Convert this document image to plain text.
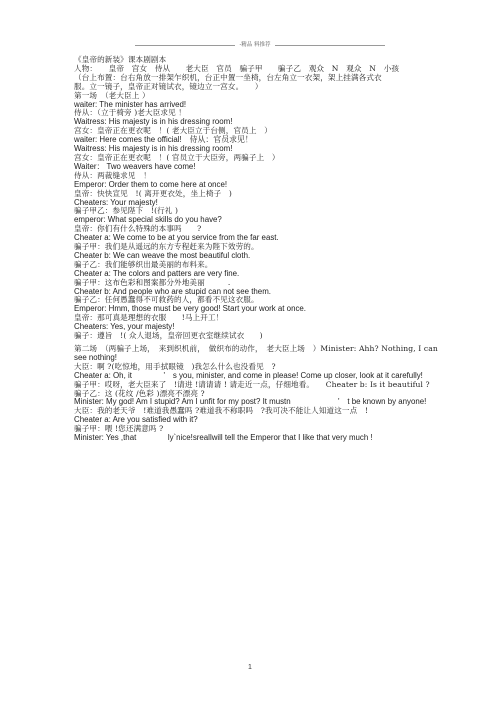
-精品 料推荐
《皇帝的新装》课本剧剧本
人物：　　皇帝　宫女　侍从　　老大臣　官员　骗子甲　　骗子乙　观众　N　观众　N　小孩
（台上布置：台右角放一排架乍织机，台正中置一坐椅，台左角立一衣架，架上挂满各式衣
服。立一镜子，皇帝正对镜试衣，镜边立一宫女。　　）
第一场　（老大臣上 ）
waiter: The minister has arrived!
侍从：（立于椅旁 )老大臣求见 ！
Waitress: His majesty is in his dressing room!
宫女：皇帝正在更衣呢　！( 老大臣立于台侧，官员上　）
waiter: Here comes the official!　侍从：官员求见！
Waitress: His majesty is in his dressing room!
宫女：皇帝正在更衣呢　！( 官员立于大臣旁，两骗子上　）
Waiter： Two weavers have come!
侍从：两裁缝求见　！
Emperor: Order them to come here at once!
皇帝：快快宣见　!( 离开更衣处，坐上椅子　)
Cheaters: Your majesty!
骗子甲乙：参见陛下　!(行礼 )
emperor: What special skills do you have?
皇帝：你们有什么特殊的本事吗　　?
Cheater a: We come to be at you service from the far east.
骗子甲：我们是从遥远的东方专程赶来为陛下效劳的。
Cheater b: We can weave the most beautiful cloth.
骗子乙：我们能够织出最美丽的布料来。
Cheater a: The colors and patters are very fine.
骗子甲：这布色彩和图案都分外地美丽　　　.
Cheater b: And people who are stupid can not see them.
骗子乙：任何愚蠢得不可救药的人，都看不见这衣服。
Emperor: Hmm, those must be very good! Start your work at once.
皇帝：那可真是理想的衣服　　!马上开工！
Cheaters: Yes, your majesty!
骗子：遵旨　!( 众人退场，皇帝回更衣室继续试衣　　)
第二场　（两骗子上场，　来到织机前，　做织布的动作，　老大臣上场　）Minister: Ahh? Nothing, I can
see nothing!
大臣：啊 ?(吃惊地，用手拭眼镜　)我怎么什么也没看见　?
Cheater a: Oh, it　　　　'　s you, minister, and come in please! Come up closer, look at it carefully!
骗子甲：哎呀，老大臣来了　!请进 !请请请 ! 请走近一点，仔细地看。　　Cheater b: Is it beautiful ?
骗子乙：这 (花纹 /色彩 )漂亮不漂亮 ?
Minister: My god! Am I stupid? Am I unfit for my post? It mustn　　　　　　'　t be known by anyone!
大臣：我的老天爷　!难道我愚蠢吗 ?难道我不称职吗　?我可决不能让人知道这一点　!
Cheater a: Are you satisfied with it?
骗子甲：喂 !您还满意吗 ?
Minister: Yes ,that　　　　ly`nice!sreallwill tell the Emperor that I like that very much !
1
